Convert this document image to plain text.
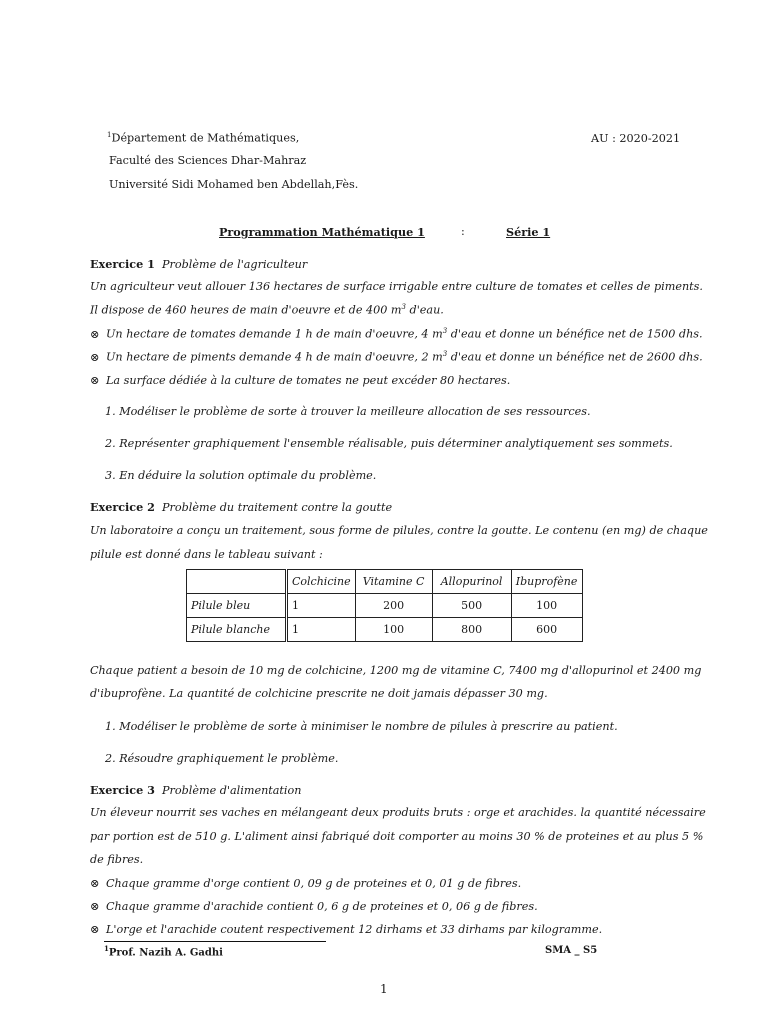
$^1$Département de Mathématiques,
Faculté des Sciences Dhar-Mahraz
Université Sidi Mohamed ben Abdellah,Fès.
AU : 2020-2021
Programmation Mathématique 1	:	Série 1
Exercice 1 Problème de l'agriculteur
Un agriculteur veut allouer 136 hectares de surface irrigable entre culture de tomates et celles de piments.
Il dispose de 460 heures de main d'oeuvre et de 400 $m^3$ d'eau.
⊗ Un hectare de tomates demande 1 h de main d'oeuvre, 4 $m^3$ d'eau et donne un bénéfice net de 1500 dhs.
⊗ Un hectare de piments demande 4 h de main d'oeuvre, 2 $m^3$ d'eau et donne un bénéfice net de 2600 dhs.
⊗ La surface dédiée à la culture de tomates ne peut excéder 80 hectares.
1. Modéliser le problème de sorte à trouver la meilleure allocation de ses ressources.
2. Représenter graphiquement l'ensemble réalisable, puis déterminer analytiquement ses sommets.
3. En déduire la solution optimale du problème.
Exercice 2 Problème du traitement contre la goutte
Un laboratoire a conçu un traitement, sous forme de pilules, contre la goutte. Le contenu (en mg) de chaque
pilule est donné dans le tableau suivant :
	Colchicine	Vitamine C	Allopurinol	Ibuprofène
Pilule bleu	1	200	500	100
Pilule blanche	1	100	800	600
Chaque patient a besoin de 10 mg de colchicine, 1200 mg de vitamine C, 7400 mg d'allopurinol et 2400 mg
d'ibuprofène. La quantité de colchicine prescrite ne doit jamais dépasser 30 mg.
1. Modéliser le problème de sorte à minimiser le nombre de pilules à prescrire au patient.
2. Résoudre graphiquement le problème.
Exercice 3 Problème d'alimentation
Un éleveur nourrit ses vaches en mélangeant deux produits bruts : orge et arachides. la quantité nécessaire
par portion est de 510 g. L'aliment ainsi fabriqué doit comporter au moins 30 % de proteines et au plus 5 %
de fibres.
⊗ Chaque gramme d'orge contient 0, 09 g de proteines et 0, 01 g de fibres.
⊗ Chaque gramme d'arachide contient 0, 6 g de proteines et 0, 06 g de fibres.
⊗ L'orge et l'arachide coutent respectivement 12 dirhams et 33 dirhams par kilogramme.
$^1$Prof. Nazih A. Gadhi	SMA _ S5
1
